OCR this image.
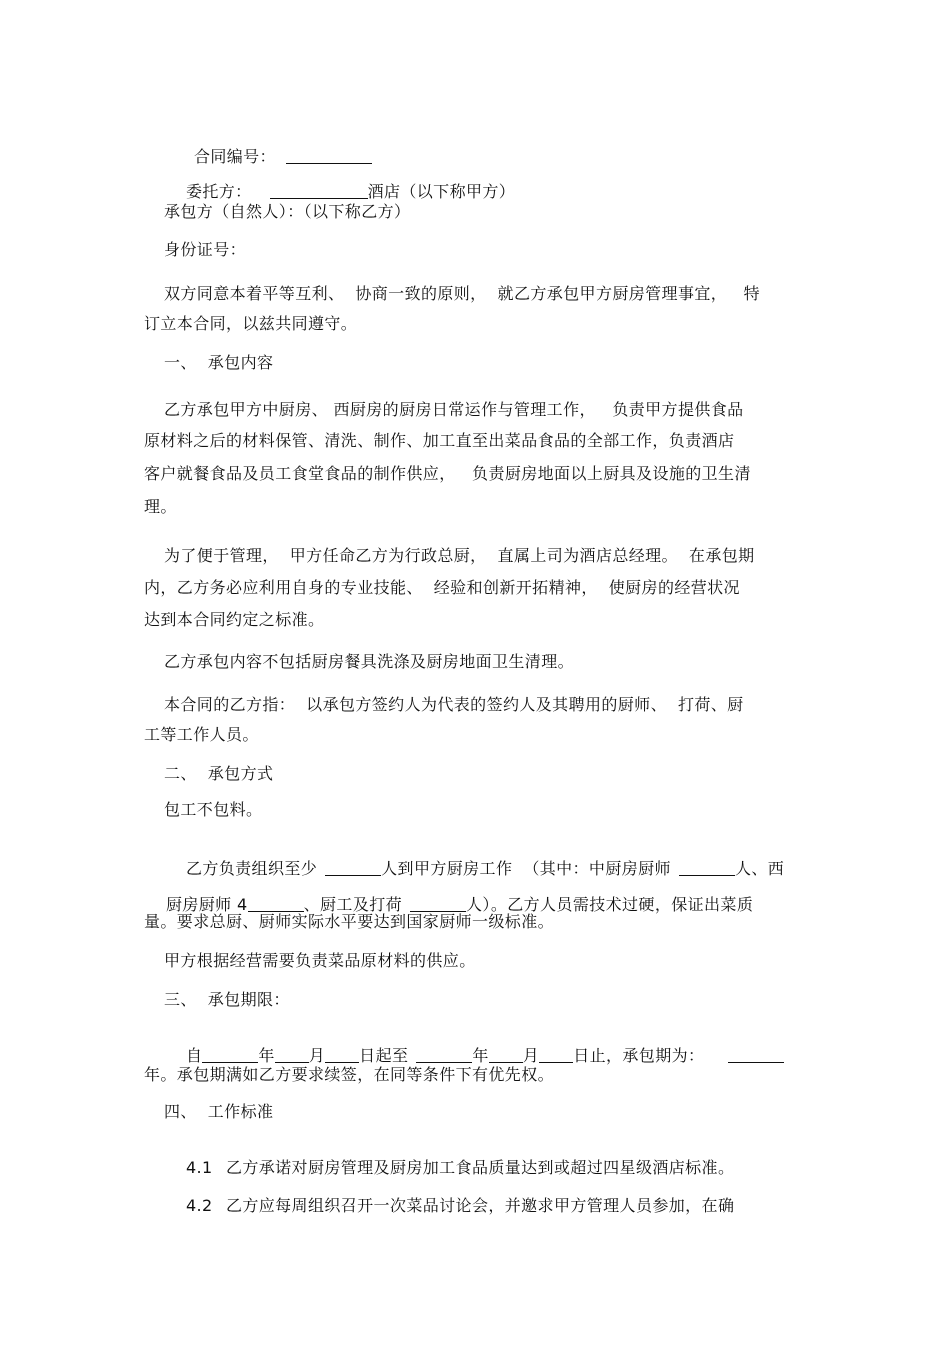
合同编号：

委托方：	酒店（以下称甲方）

承包方（自然人）：（以下称乙方）
身份证号：
双方同意本着平等互利、  协商一致的原则，  就乙方承包甲方厨房管理事宜，   特
订立本合同，以兹共同遵守。
一、  承包内容
乙方承包甲方中厨房、 西厨房的厨房日常运作与管理工作，   负责甲方提供食品
原材料之后的材料保管、清洗、制作、加工直至出菜品食品的全部工作，负责酒店
客户就餐食品及员工食堂食品的制作供应，   负责厨房地面以上厨具及设施的卫生清
理。
为了便于管理，  甲方任命乙方为行政总厨，  直属上司为酒店总经理。  在承包期
内，乙方务必应利用自身的专业技能、  经验和创新开拓精神，  使厨房的经营状况
达到本合同约定之标准。
乙方承包内容不包括厨房餐具洗涤及厨房地面卫生清理。
本合同的乙方指：  以承包方签约人为代表的签约人及其聘用的厨师、  打荷、厨
工等工作人员。
二、  承包方式
包工不包料。

乙方负责组织至少	人到甲方厨房工作  （其中：中厨房厨师	人、西

厨房厨师 4	、厨工及打荷	人）。乙方人员需技术过硬，保证出菜质

量。要求总厨、厨师实际水平要达到国家厨师一级标准。
甲方根据经营需要负责菜品原材料的供应。
三、  承包期限：

自	年 月 日起至	年 月 日止，承包期为：

年。承包期满如乙方要求续签，在同等条件下有优先权。
四、  工作标准

4.1 乙方承诺对厨房管理及厨房加工食品质量达到或超过四星级酒店标准。

4.2 乙方应每周组织召开一次菜品讨论会，并邀求甲方管理人员参加，在确
